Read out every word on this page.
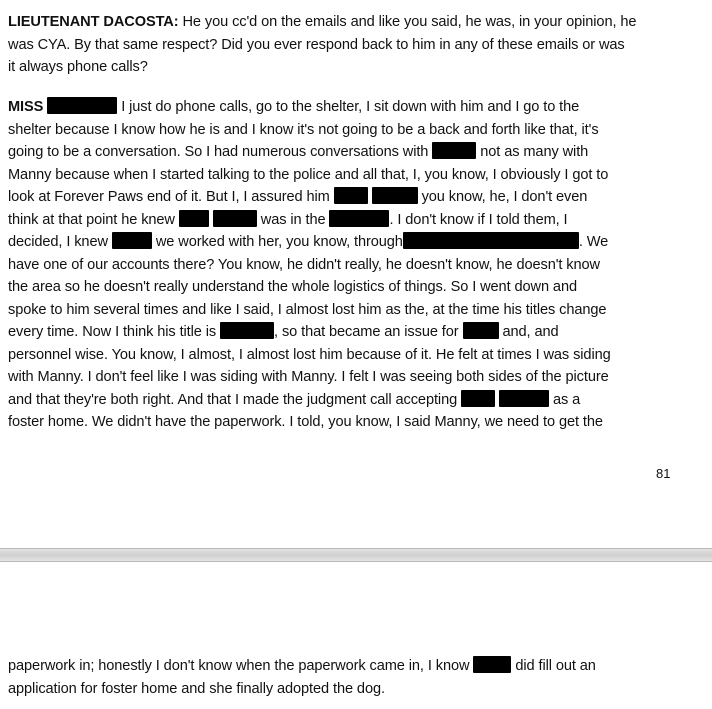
LIEUTENANT DACOSTA: He you cc'd on the emails and like you said, he was, in your opinion, he
was CYA. By that same respect? Did you ever respond back to him in any of these emails or was
it always phone calls?

MISS	I just do phone calls, go to the shelter, I sit down with him and I go to the
shelter because I know how he is and I know it's not going to be a back and forth like that, it's
going to be a conversation. So I had numerous conversations with	not as many with
Manny because when I started talking to the police and all that, I, you know, I obviously I got to
look at Forever Paws end of it. But I, I assured him	you know, he, I don't even
think at that point he knew	was in the	. I don't know if I told them, I
decided, I knew	we worked with her, you know, through	. We
have one of our accounts there? You know, he didn't really, he doesn't know, he doesn't know
the area so he doesn't really understand the whole logistics of things. So I went down and
spoke to him several times and like I said, I almost lost him as the, at the time his titles change
every time. Now I think his title is	, so that became an issue for	and, and
personnel wise. You know, I almost, I almost lost him because of it. He felt at times I was siding
with Manny. I don't feel like I was siding with Manny. I felt I was seeing both sides of the picture
and that they're both right. And that I made the judgment call accepting	as a
foster home. We didn't have the paperwork. I told, you know, I said Manny, we need to get the

81

paperwork in; honestly I don't know when the paperwork came in, I know	did fill out an
application for foster home and she finally adopted the dog.
